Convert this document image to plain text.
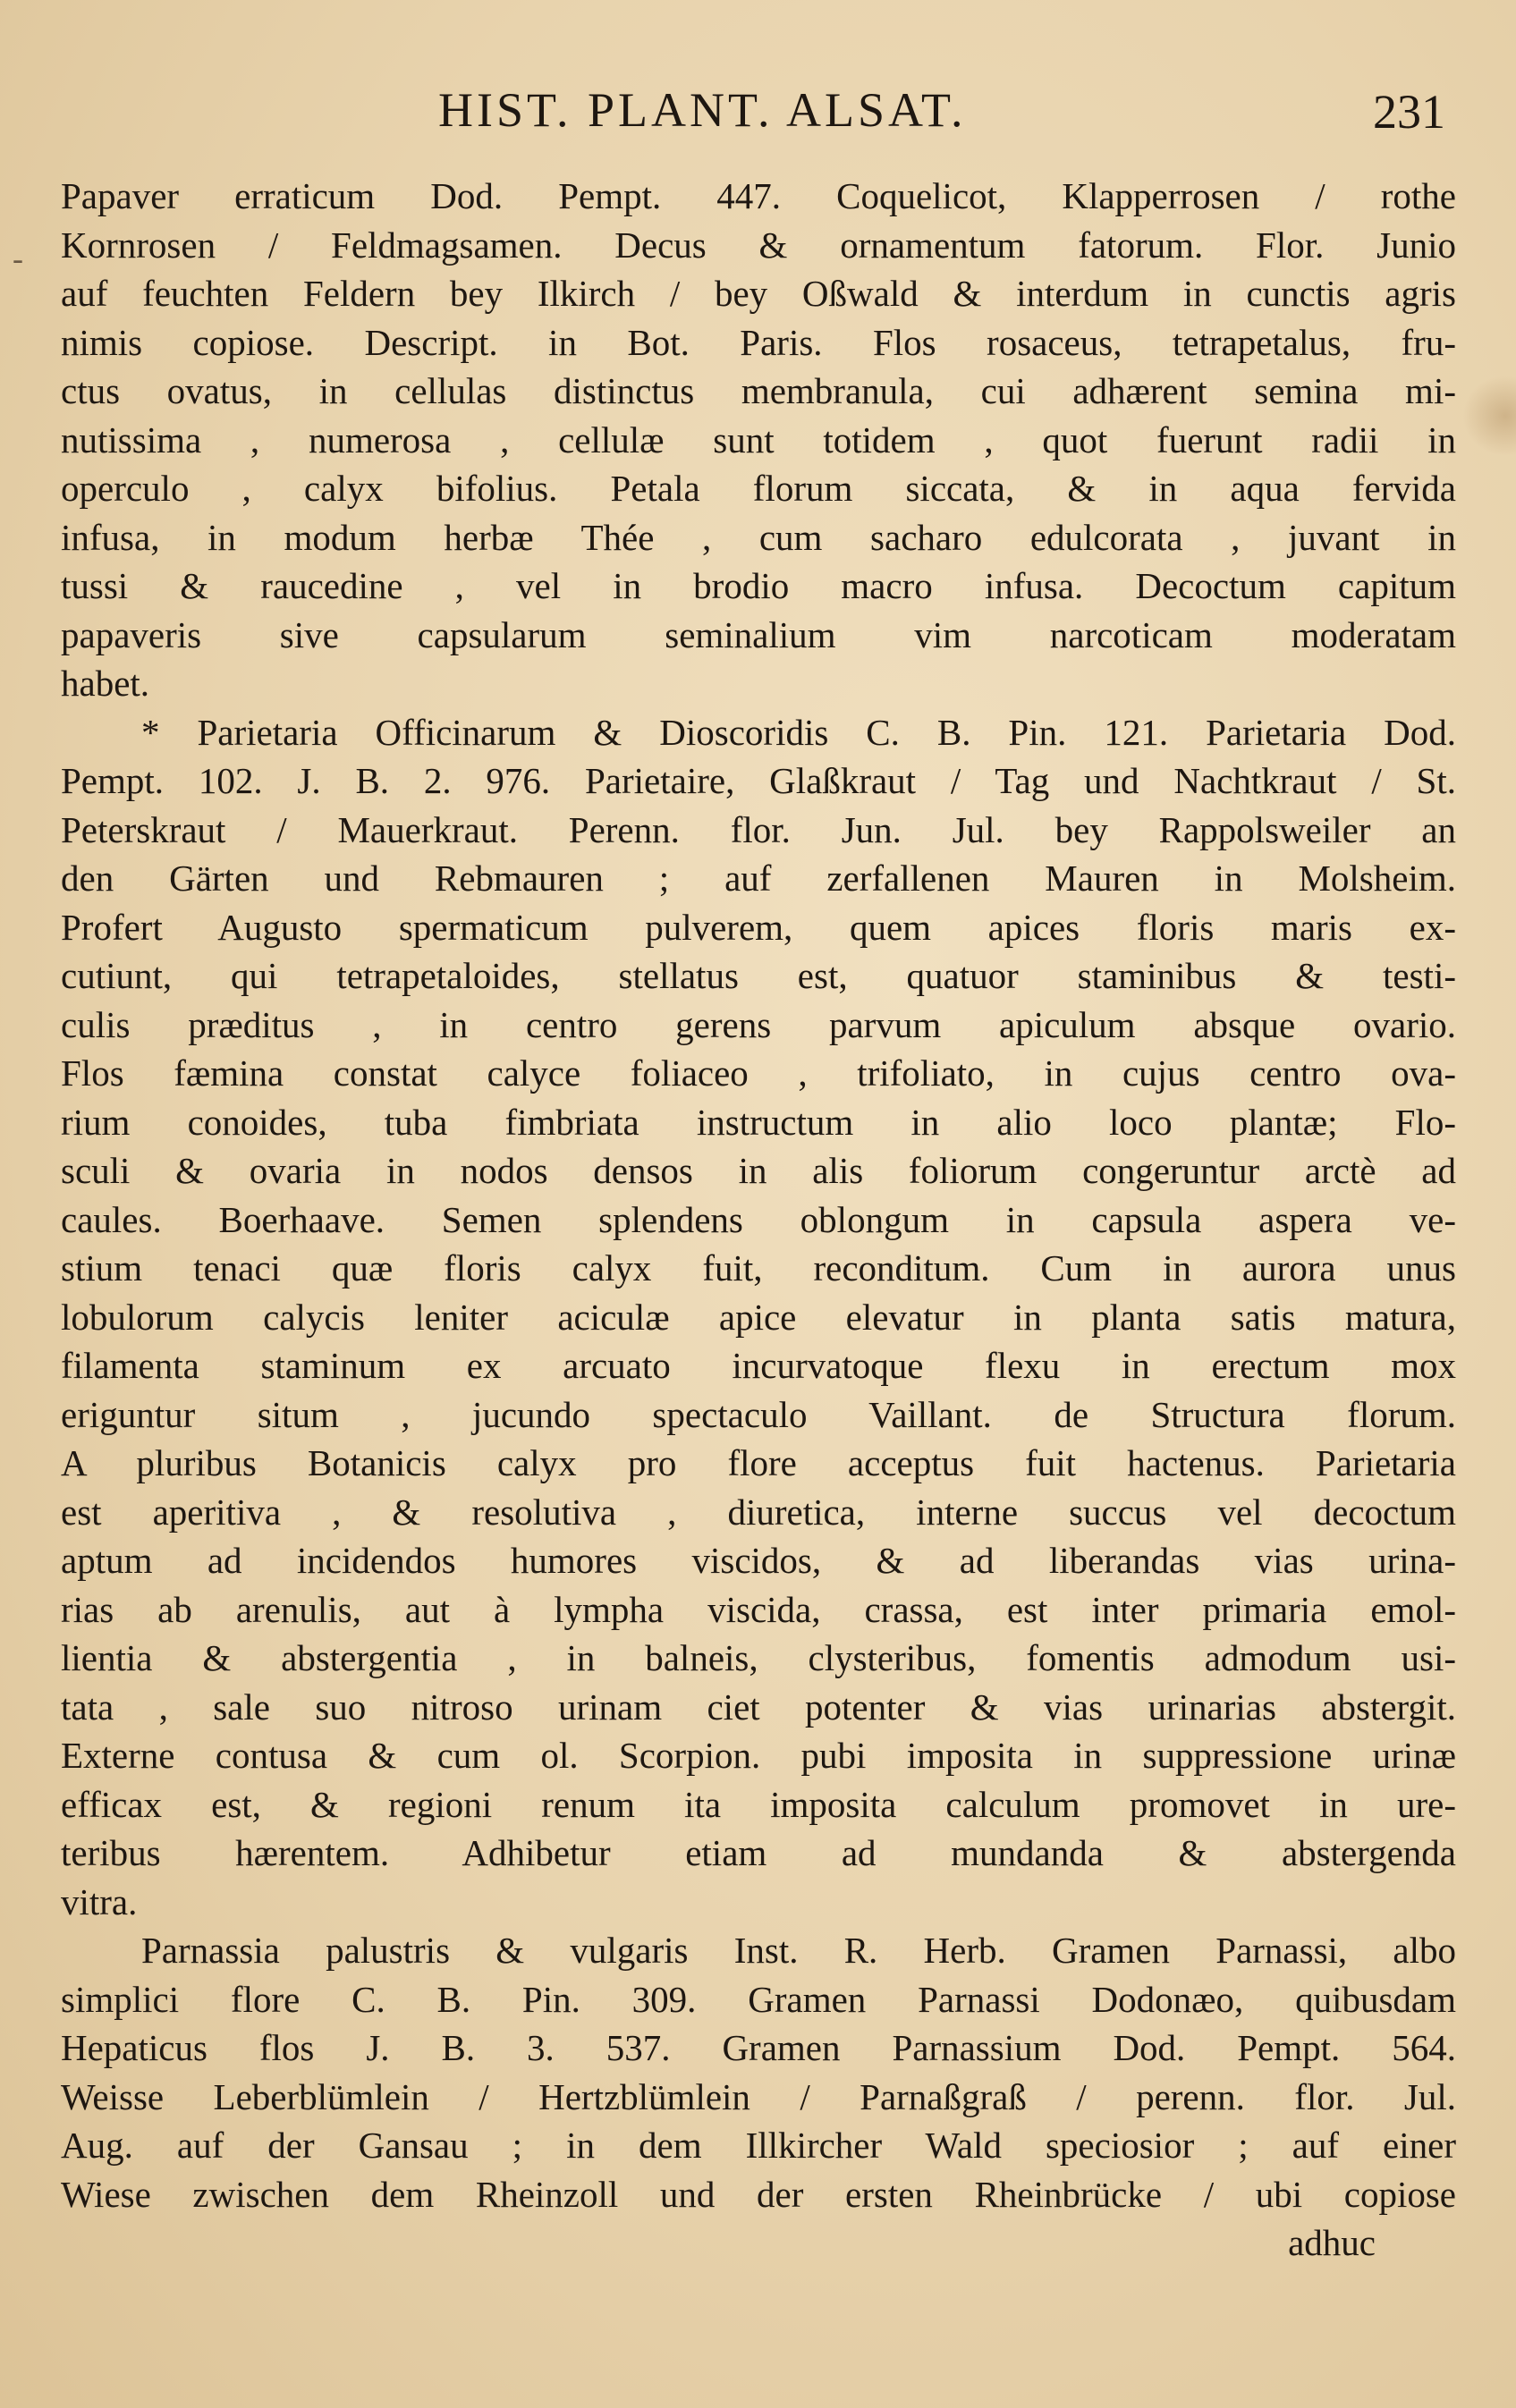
HIST. PLANT. ALSAT.	231
-
Papaver erraticum Dod. Pempt. 447. Coquelicot, Klapperrosen / rothe
Kornrosen / Feldmagsamen. Decus & ornamentum fatorum. Flor. Junio
auf feuchten Feldern bey Ilkirch / bey Oßwald & interdum in cunctis agris
nimis copiose. Descript. in Bot. Paris. Flos rosaceus, tetrapetalus, fru-
ctus ovatus, in cellulas distinctus membranula, cui adhærent semina mi-
nutissima , numerosa , cellulæ sunt totidem , quot fuerunt radii in
operculo , calyx bifolius. Petala florum siccata, & in aqua fervida
infusa, in modum herbæ Thée , cum sacharo edulcorata , juvant in
tussi & raucedine , vel in brodio macro infusa. Decoctum capitum
papaveris sive capsularum seminalium vim narcoticam moderatam
habet.
* Parietaria Officinarum & Dioscoridis C. B. Pin. 121. Parietaria Dod.
Pempt. 102. J. B. 2. 976. Parietaire, Glaßkraut / Tag und Nachtkraut / St.
Peterskraut / Mauerkraut. Perenn. flor. Jun. Jul. bey Rappolsweiler an
den Gärten und Rebmauren ; auf zerfallenen Mauren in Molsheim.
Profert Augusto spermaticum pulverem, quem apices floris maris ex-
cutiunt, qui tetrapetaloides, stellatus est, quatuor staminibus & testi-
culis præditus , in centro gerens parvum apiculum absque ovario.
Flos fæmina constat calyce foliaceo , trifoliato, in cujus centro ova-
rium conoides, tuba fimbriata instructum in alio loco plantæ; Flo-
sculi & ovaria in nodos densos in alis foliorum congeruntur arctè ad
caules. Boerhaave. Semen splendens oblongum in capsula aspera ve-
stium tenaci quæ floris calyx fuit, reconditum. Cum in aurora unus
lobulorum calycis leniter aciculæ apice elevatur in planta satis matura,
filamenta staminum ex arcuato incurvatoque flexu in erectum mox
eriguntur situm , jucundo spectaculo Vaillant. de Structura florum.
A pluribus Botanicis calyx pro flore acceptus fuit hactenus. Parietaria
est aperitiva , & resolutiva , diuretica, interne succus vel decoctum
aptum ad incidendos humores viscidos, & ad liberandas vias urina-
rias ab arenulis, aut à lympha viscida, crassa, est inter primaria emol-
lientia & abstergentia , in balneis, clysteribus, fomentis admodum usi-
tata , sale suo nitroso urinam ciet potenter & vias urinarias abstergit.
Externe contusa & cum ol. Scorpion. pubi imposita in suppressione urinæ
efficax est, & regioni renum ita imposita calculum promovet in ure-
teribus hærentem. Adhibetur etiam ad mundanda & abstergenda
vitra.
Parnassia palustris & vulgaris Inst. R. Herb. Gramen Parnassi, albo
simplici flore C. B. Pin. 309. Gramen Parnassi Dodonæo, quibusdam
Hepaticus flos J. B. 3. 537. Gramen Parnassium Dod. Pempt. 564.
Weisse Leberblümlein / Hertzblümlein / Parnaßgraß / perenn. flor. Jul.
Aug. auf der Gansau ; in dem Illkircher Wald speciosior ; auf einer
Wiese zwischen dem Rheinzoll und der ersten Rheinbrücke / ubi copiose
adhuc
